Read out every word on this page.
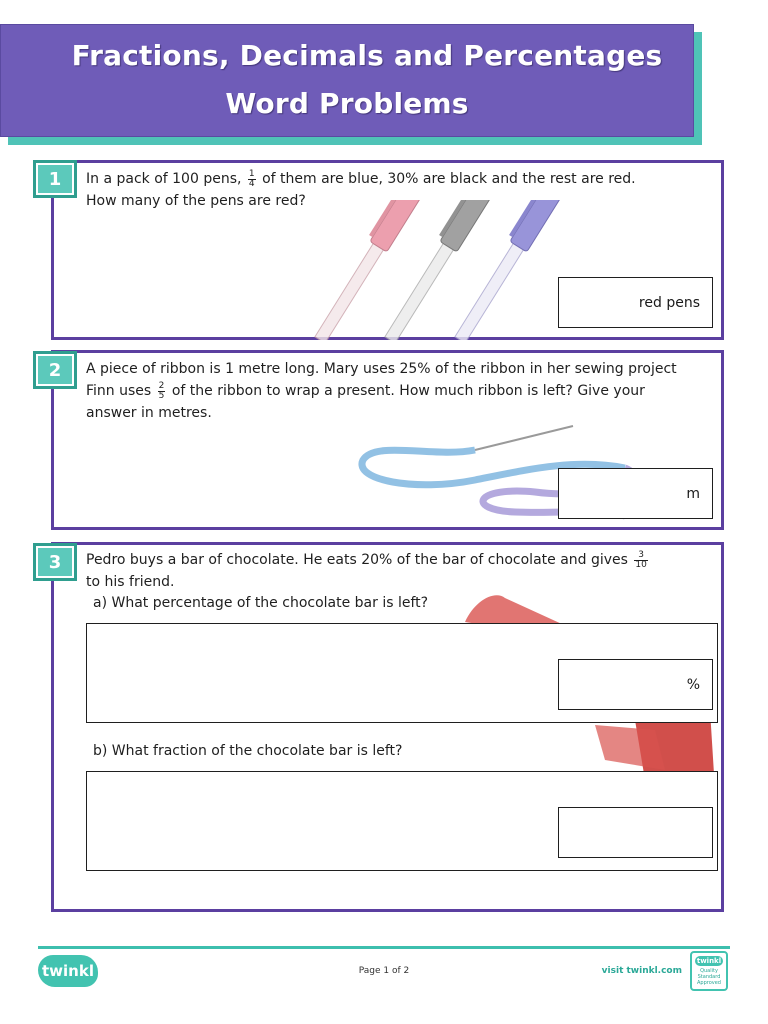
Fractions, Decimals and Percentages
Word Problems
1	In a pack of 100 pens, $\frac{1}{4}$ of them are blue, 30% are black and the rest are red.
How many of the pens are red?
red pens
2	A piece of ribbon is 1 metre long. Mary uses 25% of the ribbon in her sewing project
Finn uses $\frac{2}{5}$ of the ribbon to wrap a present. How much ribbon is left? Give your
answer in metres.
m
3	Pedro buys a bar of chocolate. He eats 20% of the bar of chocolate and gives $\frac{3}{10}$

to his friend.
a) What percentage of the chocolate bar is left?
%
b) What fraction of the chocolate bar is left?
twinkl	Page 1 of 2	visit twinkl.com
twinkl
Quality Standard Approved
